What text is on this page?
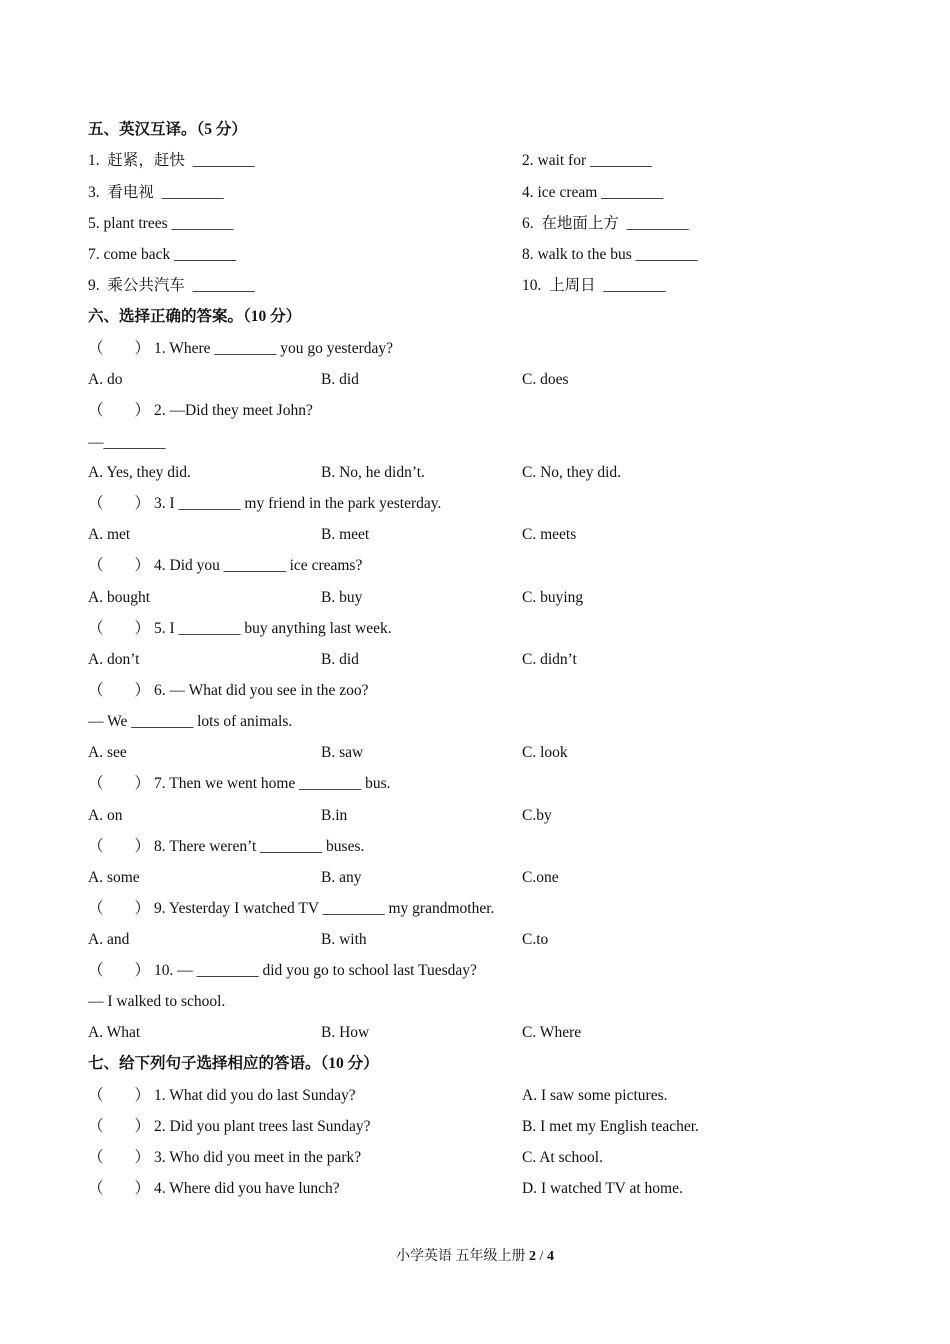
五、英汉互译。（5 分）
1.  赶紧，赶快  ________	2. wait for ________
3.  看电视  ________	4. ice cream ________
5. plant trees ________	6.  在地面上方  ________
7. come back ________	8. walk to the bus ________
9.  乘公共汽车  ________	10.  上周日  ________
六、选择正确的答案。（10 分）
（        ） 1. Where ________ you go yesterday?
A. do	B. did	C. does
（        ） 2. —Did they meet John?
—________
A. Yes, they did.	B. No, he didn’t.	C. No, they did.
（        ） 3. I ________ my friend in the park yesterday.
A. met	B. meet	C. meets
（        ） 4. Did you ________ ice creams?
A. bought	B. buy	C. buying
（        ） 5. I ________ buy anything last week.
A. don’t	B. did	C. didn’t
（        ） 6. — What did you see in the zoo?
— We ________ lots of animals.
A. see	B. saw	C. look
（        ） 7. Then we went home ________ bus.
A. on	B.in	C.by
（        ） 8. There weren’t ________ buses.
A. some	B. any	C.one
（        ） 9. Yesterday I watched TV ________ my grandmother.
A. and	B. with	C.to
（        ） 10. — ________ did you go to school last Tuesday?
— I walked to school.
A. What	B. How	C. Where
七、给下列句子选择相应的答语。（10 分）
（        ） 1. What did you do last Sunday?	A. I saw some pictures.
（        ） 2. Did you plant trees last Sunday?	B. I met my English teacher.
（        ） 3. Who did you meet in the park?	C. At school.
（        ） 4. Where did you have lunch?	D. I watched TV at home.
小学英语 五年级上册 2 / 4
